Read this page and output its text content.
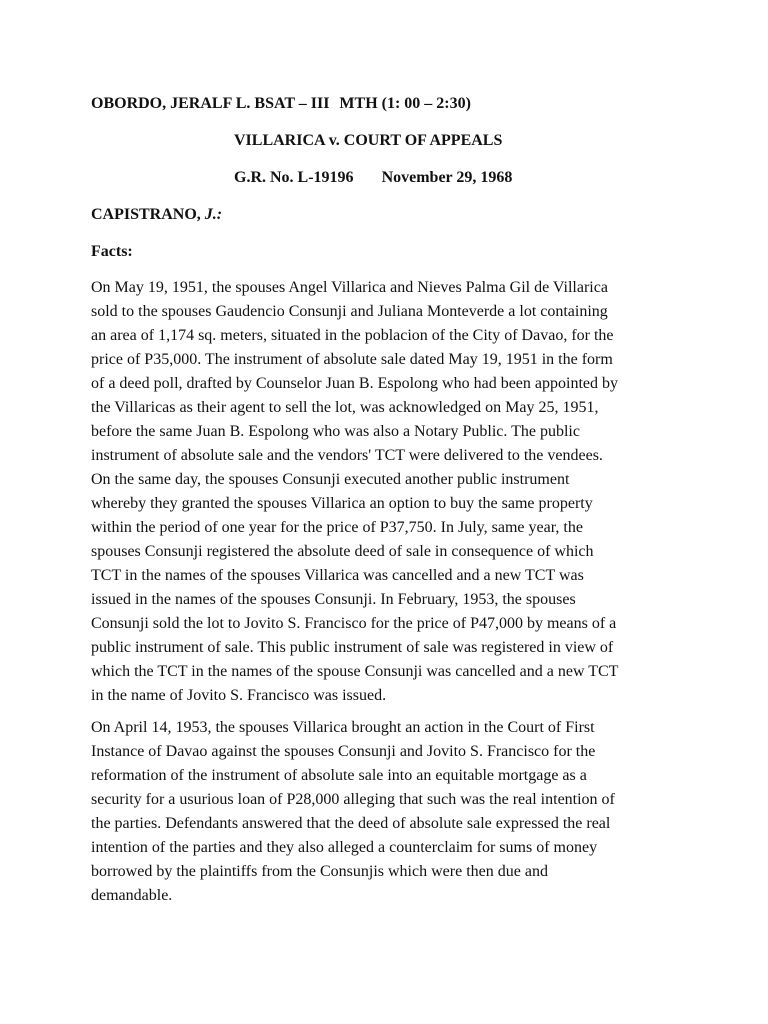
OBORDO, JERALF L. BSAT – III MTH (1: 00 – 2:30)
VILLARICA v. COURT OF APPEALS
G.R. No. L-19196 November 29, 1968
CAPISTRANO, J.:
Facts:
On May 19, 1951, the spouses Angel Villarica and Nieves Palma Gil de Villarica
sold to the spouses Gaudencio Consunji and Juliana Monteverde a lot containing
an area of 1,174 sq. meters, situated in the poblacion of the City of Davao, for the
price of P35,000. The instrument of absolute sale dated May 19, 1951 in the form
of a deed poll, drafted by Counselor Juan B. Espolong who had been appointed by
the Villaricas as their agent to sell the lot, was acknowledged on May 25, 1951,
before the same Juan B. Espolong who was also a Notary Public. The public
instrument of absolute sale and the vendors' TCT were delivered to the vendees.
On the same day, the spouses Consunji executed another public instrument
whereby they granted the spouses Villarica an option to buy the same property
within the period of one year for the price of P37,750. In July, same year, the
spouses Consunji registered the absolute deed of sale in consequence of which
TCT in the names of the spouses Villarica was cancelled and a new TCT was
issued in the names of the spouses Consunji. In February, 1953, the spouses
Consunji sold the lot to Jovito S. Francisco for the price of P47,000 by means of a
public instrument of sale. This public instrument of sale was registered in view of
which the TCT in the names of the spouse Consunji was cancelled and a new TCT
in the name of Jovito S. Francisco was issued.
On April 14, 1953, the spouses Villarica brought an action in the Court of First
Instance of Davao against the spouses Consunji and Jovito S. Francisco for the
reformation of the instrument of absolute sale into an equitable mortgage as a
security for a usurious loan of P28,000 alleging that such was the real intention of
the parties. Defendants answered that the deed of absolute sale expressed the real
intention of the parties and they also alleged a counterclaim for sums of money
borrowed by the plaintiffs from the Consunjis which were then due and
demandable.
